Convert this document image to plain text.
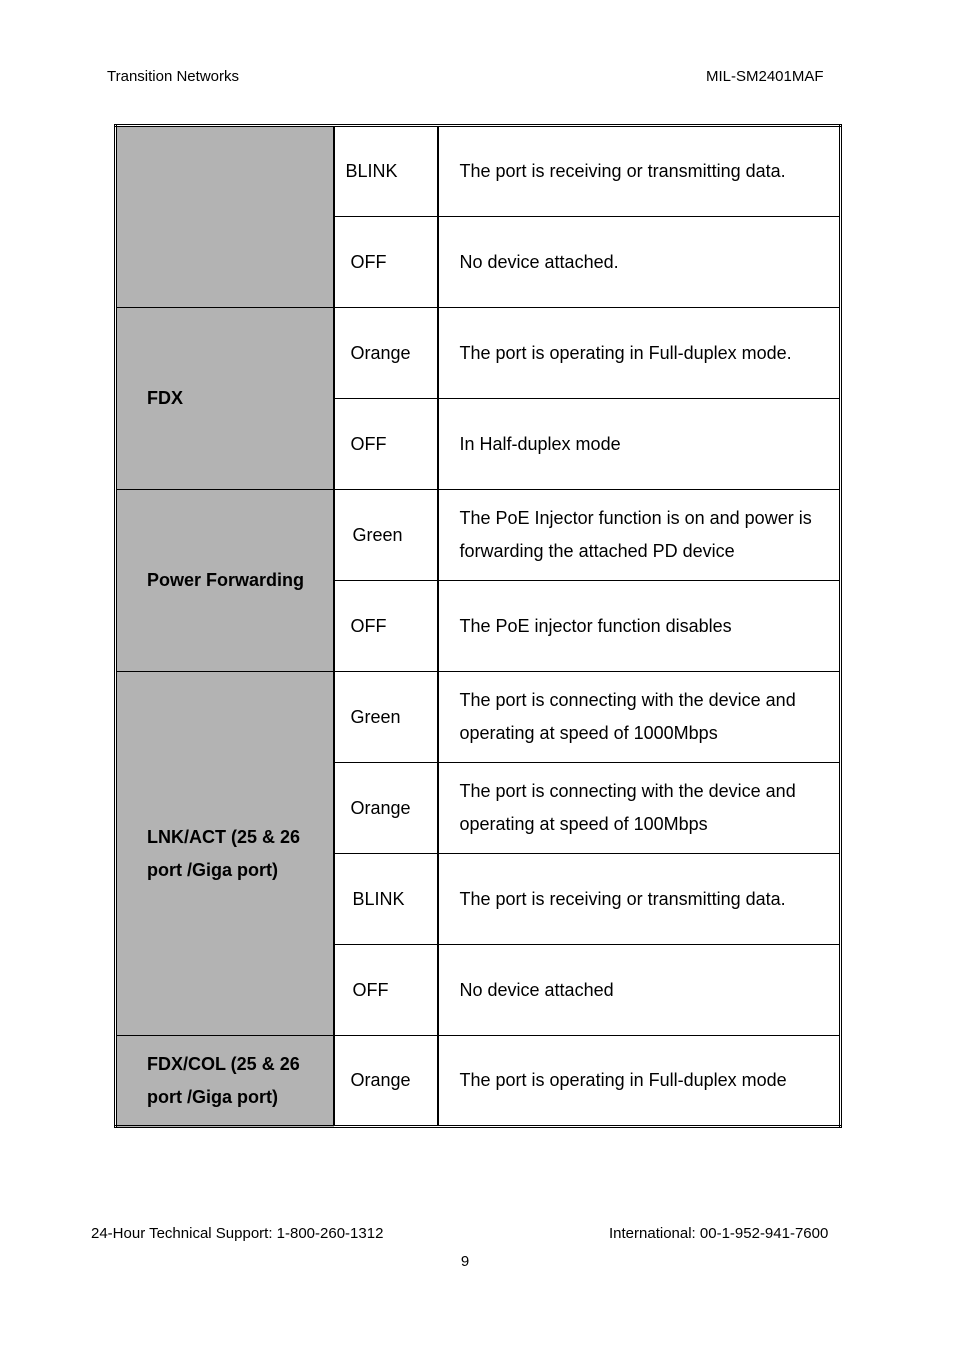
Transition Networks	MIL-SM2401MAF
	BLINK	The port is receiving or transmitting data.
	OFF	No device attached.
FDX	Orange	The port is operating in Full-duplex mode.
	OFF	In Half-duplex mode
Power Forwarding	Green	The PoE Injector function is on and power is forwarding the attached PD device
	OFF	The PoE injector function disables
LNK/ACT (25 & 26 port /Giga port)	Green	The port is connecting with the device and operating at speed of 1000Mbps
	Orange	The port is connecting with the device and operating at speed of 100Mbps
	BLINK	The port is receiving or transmitting data.
	OFF	No device attached
FDX/COL (25 & 26 port /Giga port)	Orange	The port is operating in Full-duplex mode
24-Hour Technical Support: 1-800-260-1312	International: 00-1-952-941-7600
9
